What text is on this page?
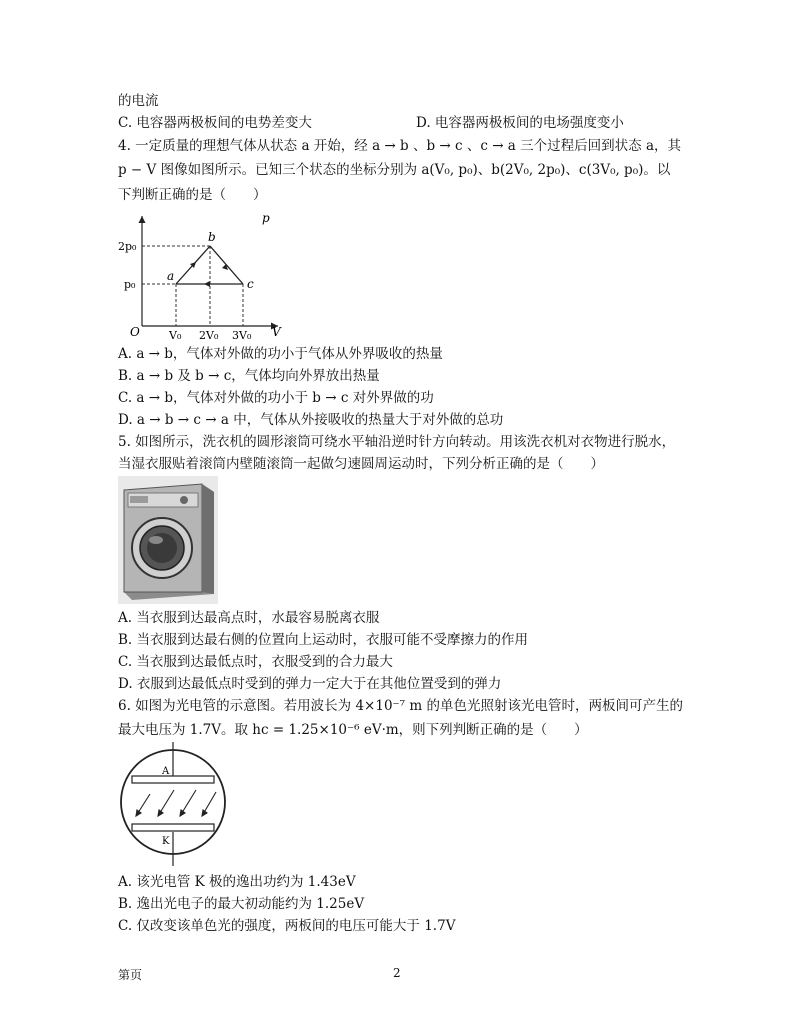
的电流
C. 电容器两极板间的电势差变大	D. 电容器两极板间的电场强度变小
4. 一定质量的理想气体从状态 a 开始，经 a → b 、b → c 、c → a 三个过程后回到状态 a，其
p − V 图像如图所示。已知三个状态的坐标分别为 a(V₀, p₀)、b(2V₀, 2p₀)、c(3V₀, p₀)。以
下判断正确的是（　　）
p
V
O
2p₀
p₀
V₀ 2V₀ 3V₀
a
b
c
A. a → b，气体对外做的功小于气体从外界吸收的热量
B. a → b 及 b → c，气体均向外界放出热量
C. a → b，气体对外做的功小于 b → c 对外界做的功
D. a → b → c → a 中，气体从外接吸收的热量大于对外做的总功
5. 如图所示，洗衣机的圆形滚筒可绕水平轴沿逆时针方向转动。用该洗衣机对衣物进行脱水，
当湿衣服贴着滚筒内壁随滚筒一起做匀速圆周运动时，下列分析正确的是（　　）
A. 当衣服到达最高点时，水最容易脱离衣服
B. 当衣服到达最右侧的位置向上运动时，衣服可能不受摩擦力的作用
C. 当衣服到达最低点时，衣服受到的合力最大
D. 衣服到达最低点时受到的弹力一定大于在其他位置受到的弹力
6. 如图为光电管的示意图。若用波长为 4×10⁻⁷ m 的单色光照射该光电管时，两板间可产生的
最大电压为 1.7V。取 hc = 1.25×10⁻⁶ eV·m，则下列判断正确的是（　　）
A
K
A. 该光电管 K 极的逸出功约为 1.43eV
B. 逸出光电子的最大初动能约为 1.25eV
C. 仅改变该单色光的强度，两板间的电压可能大于 1.7V
第页	2
